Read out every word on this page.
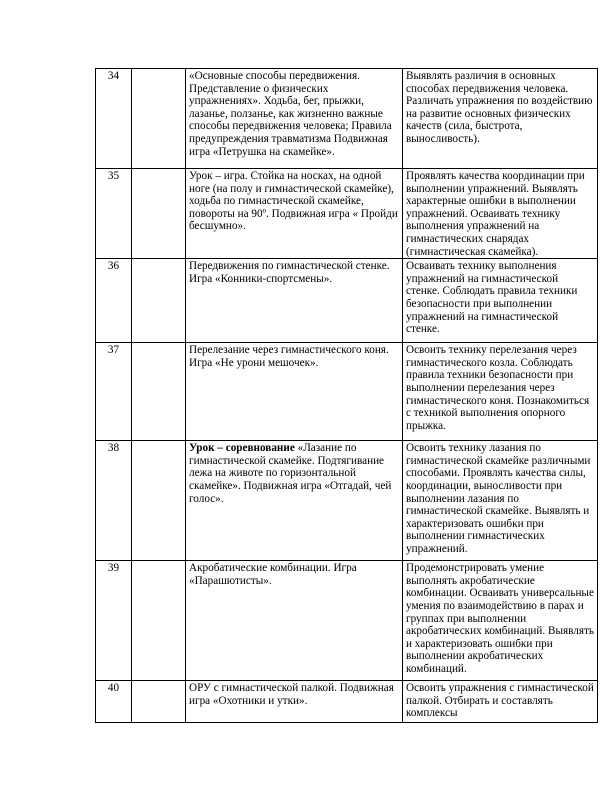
34		«Основные способы передвижения. Представление о физических упражнениях». Ходьба, бег, прыжки, лазанье, ползанье, как жизненно важные способы передвижения человека; Правила предупреждения травматизма Подвижная игра «Петрушка на скамейке».	Выявлять различия в основных способах передвижения человека. Различать упражнения по воздействию на развитие основных физических качеств (сила, быстрота, выносливость).
35		Урок – игра. Стойка на носках, на одной ноге (на полу и гимнастической скамейке), ходьба по гимнастической скамейке, повороты на 90º. Подвижная игра « Пройди бесшумно».	Проявлять качества координации при выполнении упражнений. Выявлять характерные ошибки в выполнении упражнений. Осваивать технику выполнения упражнений на гимнастических снарядах (гимнастическая скамейка).
36		Передвижения по гимнастической стенке. Игра «Конники-спортсмены».	Осваивать технику выполнения упражнений на гимнастической стенке. Соблюдать правила техники безопасности при выполнении упражнений на гимнастической стенке.
37		Перелезание через гимнастического коня. Игра «Не урони мешочек».	Освоить технику перелезания через гимнастического козла. Соблюдать правила техники безопасности при выполнении перелезания через гимнастического коня. Познакомиться с техникой выполнения опорного прыжка.
38		Урок – соревнование «Лазание по гимнастической скамейке. Подтягивание лежа на животе по горизонтальной скамейке». Подвижная игра «Отгадай, чей голос».	Освоить технику лазания по гимнастической скамейке различными способами. Проявлять качества силы, координации, выносливости при выполнении лазания по гимнастической скамейке. Выявлять и характеризовать ошибки при выполнении гимнастических упражнений.
39		Акробатические комбинации. Игра «Парашютисты».	Продемонстрировать умение выполнять акробатические комбинации. Осваивать универсальные умения по взаимодействию в парах и группах при выполнении акробатических комбинаций. Выявлять и характеризовать ошибки при выполнении акробатических комбинаций.
40		ОРУ с гимнастической палкой. Подвижная игра «Охотники и утки».	Освоить упражнения с гимнастической палкой. Отбирать и составлять комплексы
